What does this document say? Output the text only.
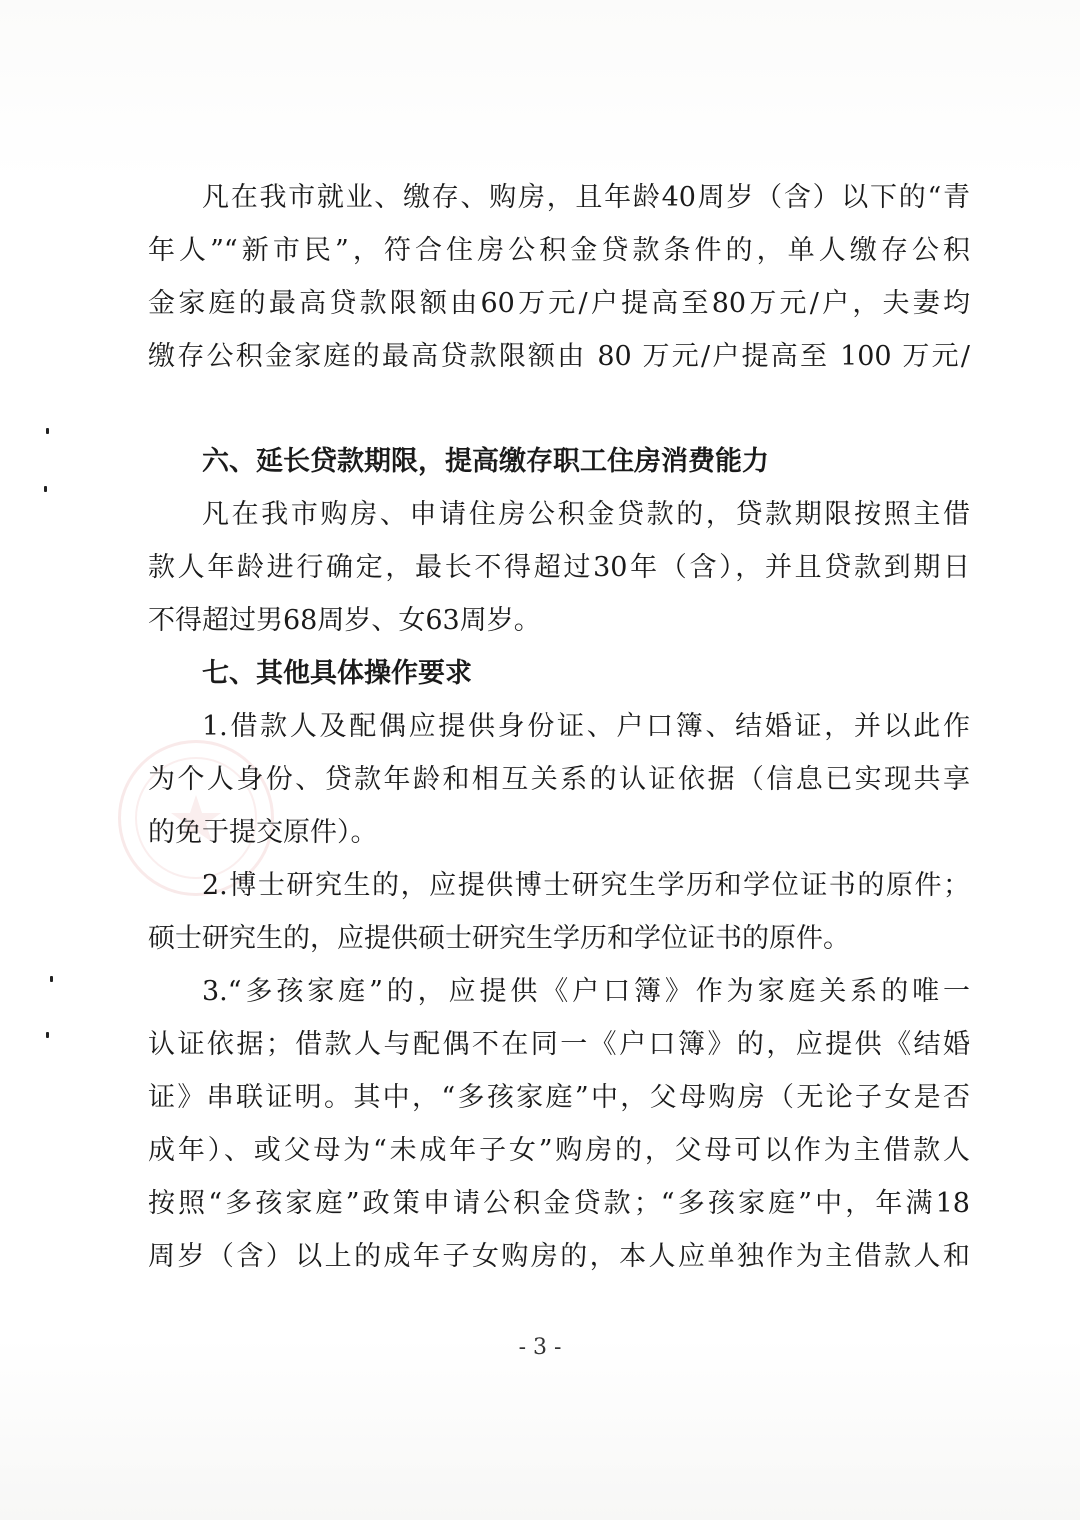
凡在我市就业、缴存、购房，且年龄40周岁（含）以下的“青
年人”“新市民”，符合住房公积金贷款条件的，单人缴存公积
金家庭的最高贷款限额由60万元/户提高至80万元/户，夫妻均
缴存公积金家庭的最高贷款限额由 80 万元/户提高至 100 万元/
六、延长贷款期限，提高缴存职工住房消费能力
凡在我市购房、申请住房公积金贷款的，贷款期限按照主借
款人年龄进行确定，最长不得超过30年（含），并且贷款到期日
不得超过男68周岁、女63周岁。
七、其他具体操作要求
1.借款人及配偶应提供身份证、户口簿、结婚证，并以此作
为个人身份、贷款年龄和相互关系的认证依据（信息已实现共享
的免于提交原件）。
2.博士研究生的，应提供博士研究生学历和学位证书的原件；
硕士研究生的，应提供硕士研究生学历和学位证书的原件。
3.“多孩家庭”的，应提供《户口簿》作为家庭关系的唯一
认证依据；借款人与配偶不在同一《户口簿》的，应提供《结婚
证》串联证明。其中，“多孩家庭”中，父母购房（无论子女是否
成年）、或父母为“未成年子女”购房的，父母可以作为主借款人
按照“多孩家庭”政策申请公积金贷款；“多孩家庭”中，年满18
周岁（含）以上的成年子女购房的，本人应单独作为主借款人和
- 3 -
